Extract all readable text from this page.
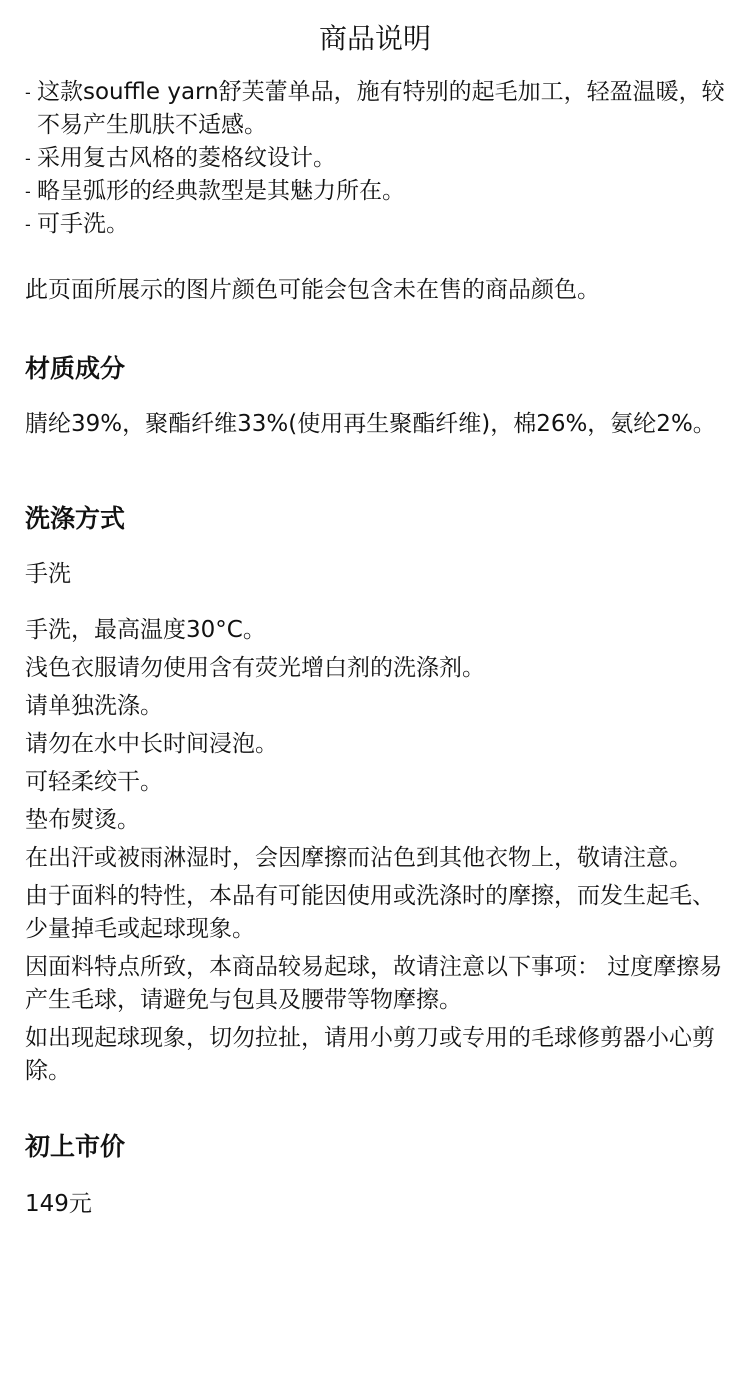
商品说明
- 这款souffle yarn舒芙蕾单品，施有特别的起毛加工，轻盈温暖，较不易产生肌肤不适感。
- 采用复古风格的菱格纹设计。
- 略呈弧形的经典款型是其魅力所在。
- 可手洗。

此页面所展示的图片颜色可能会包含未在售的商品颜色。

材质成分

腈纶39%，聚酯纤维33%(使用再生聚酯纤维)，棉26%，氨纶2%。

洗涤方式

手洗

手洗，最高温度30°C。

浅色衣服请勿使用含有荧光增白剂的洗涤剂。

请单独洗涤。

请勿在水中长时间浸泡。

可轻柔绞干。

垫布熨烫。

在出汗或被雨淋湿时，会因摩擦而沾色到其他衣物上，敬请注意。

由于面料的特性，本品有可能因使用或洗涤时的摩擦，而发生起毛、少量掉毛或起球现象。

因面料特点所致，本商品较易起球，故请注意以下事项： 过度摩擦易产生毛球，请避免与包具及腰带等物摩擦。

如出现起球现象，切勿拉扯，请用小剪刀或专用的毛球修剪器小心剪除。

初上市价

149元
